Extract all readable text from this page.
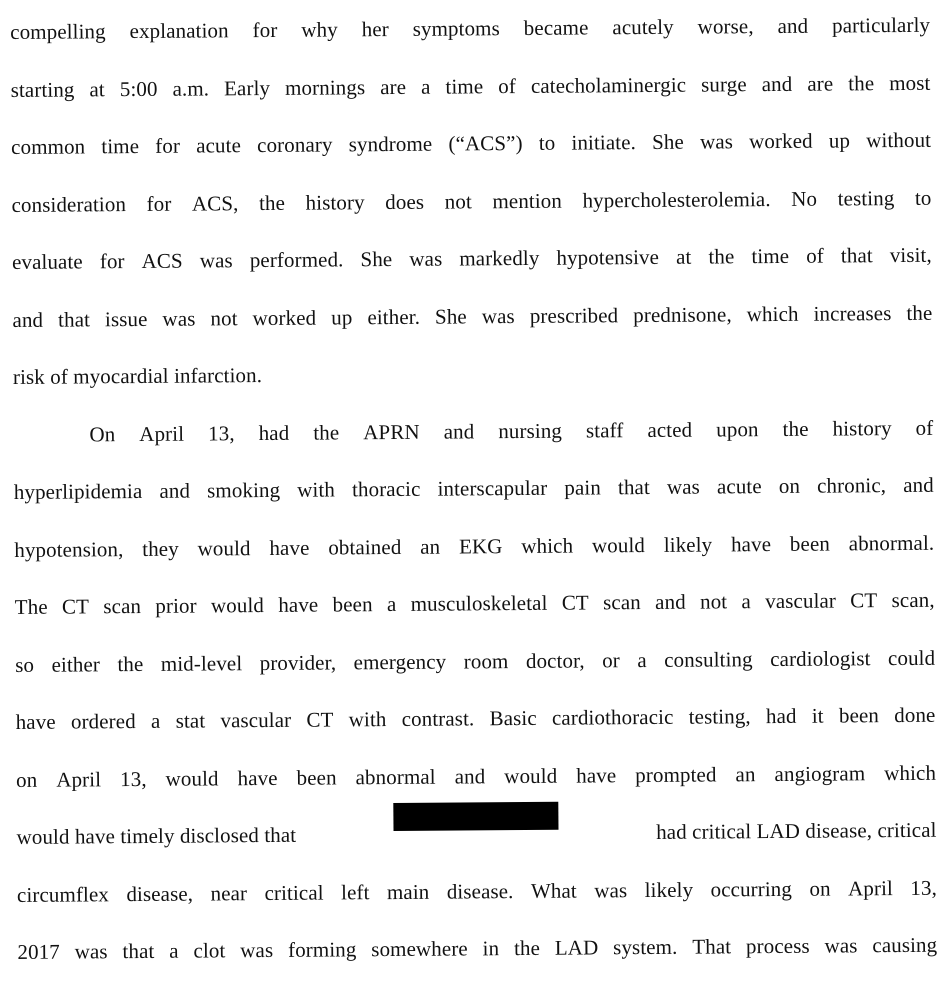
compelling explanation for why her symptoms became acutely worse, and particularly
starting at 5:00 a.m. Early mornings are a time of catecholaminergic surge and are the most
common time for acute coronary syndrome (“ACS”) to initiate. She was worked up without
consideration for ACS, the history does not mention hypercholesterolemia. No testing to
evaluate for ACS was performed. She was markedly hypotensive at the time of that visit,
and that issue was not worked up either. She was prescribed prednisone, which increases the
risk of myocardial infarction.
On April 13, had the APRN and nursing staff acted upon the history of
hyperlipidemia and smoking with thoracic interscapular pain that was acute on chronic, and
hypotension, they would have obtained an EKG which would likely have been abnormal.
The CT scan prior would have been a musculoskeletal CT scan and not a vascular CT scan,
so either the mid-level provider, emergency room doctor, or a consulting cardiologist could
have ordered a stat vascular CT with contrast. Basic cardiothoracic testing, had it been done
on April 13, would have been abnormal and would have prompted an angiogram which
would have timely disclosed that	had critical LAD disease, critical
circumflex disease, near critical left main disease. What was likely occurring on April 13,
2017 was that a clot was forming somewhere in the LAD system. That process was causing
